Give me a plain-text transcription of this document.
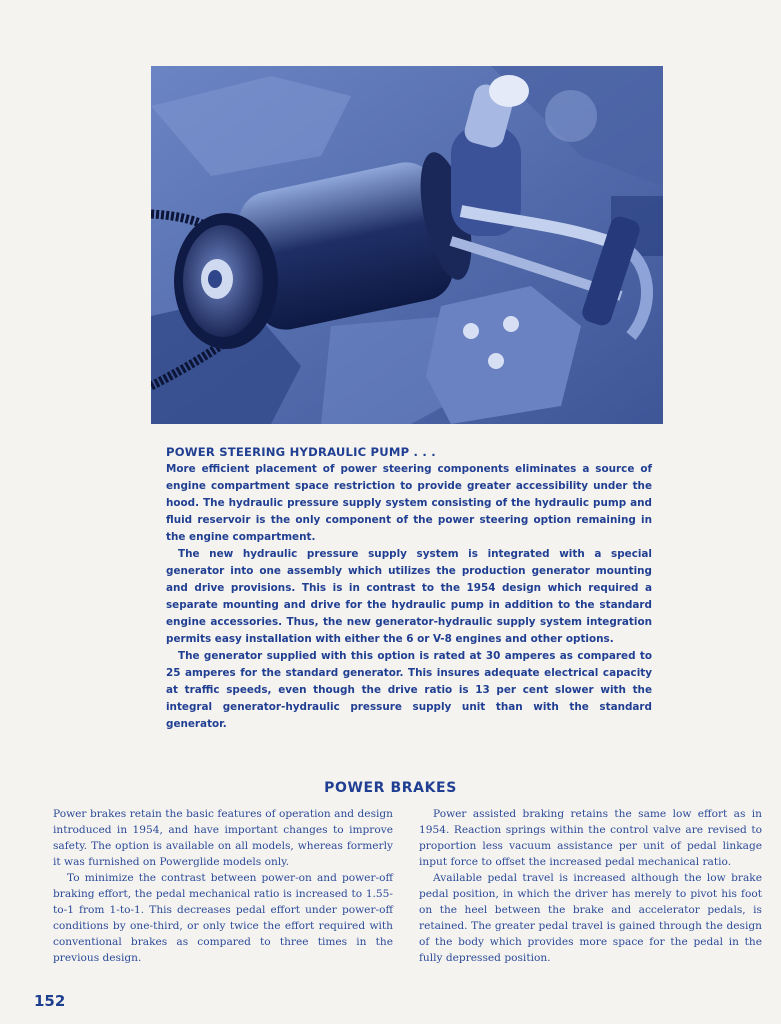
POWER STEERING HYDRAULIC PUMP . . .

More efficient placement of power steering components eliminates a source of engine compartment space restriction to provide greater accessibility under the hood. The hydraulic pressure supply system consisting of the hydraulic pump and fluid reservoir is the only component of the power steering option remaining in the engine compartment.

The new hydraulic pressure supply system is integrated with a special generator into one assembly which utilizes the production generator mounting and drive provisions. This is in contrast to the 1954 design which required a separate mounting and drive for the hydraulic pump in addition to the standard engine accessories. Thus, the new generator-hydraulic supply system integration permits easy installation with either the 6 or V-8 engines and other options.

The generator supplied with this option is rated at 30 amperes as compared to 25 amperes for the standard generator. This insures adequate electrical capacity at traffic speeds, even though the drive ratio is 13 per cent slower with the integral generator-hydraulic pressure supply unit than with the standard generator.

POWER BRAKES

Power brakes retain the basic features of operation and design introduced in 1954, and have important changes to improve safety. The option is available on all models, whereas formerly it was furnished on Powerglide models only.

To minimize the contrast between power-on and power-off braking effort, the pedal mechanical ratio is increased to 1.55-to-1 from 1-to-1. This decreases pedal effort under power-off conditions by one-third, or only twice the effort required with conventional brakes as compared to three times in the previous design.

Power assisted braking retains the same low effort as in 1954. Reaction springs within the control valve are revised to proportion less vacuum assistance per unit of pedal linkage input force to offset the increased pedal mechanical ratio.

Available pedal travel is increased although the low brake pedal position, in which the driver has merely to pivot his foot on the heel between the brake and accelerator pedals, is retained. The greater pedal travel is gained through the design of the body which provides more space for the pedal in the fully depressed position.

152
